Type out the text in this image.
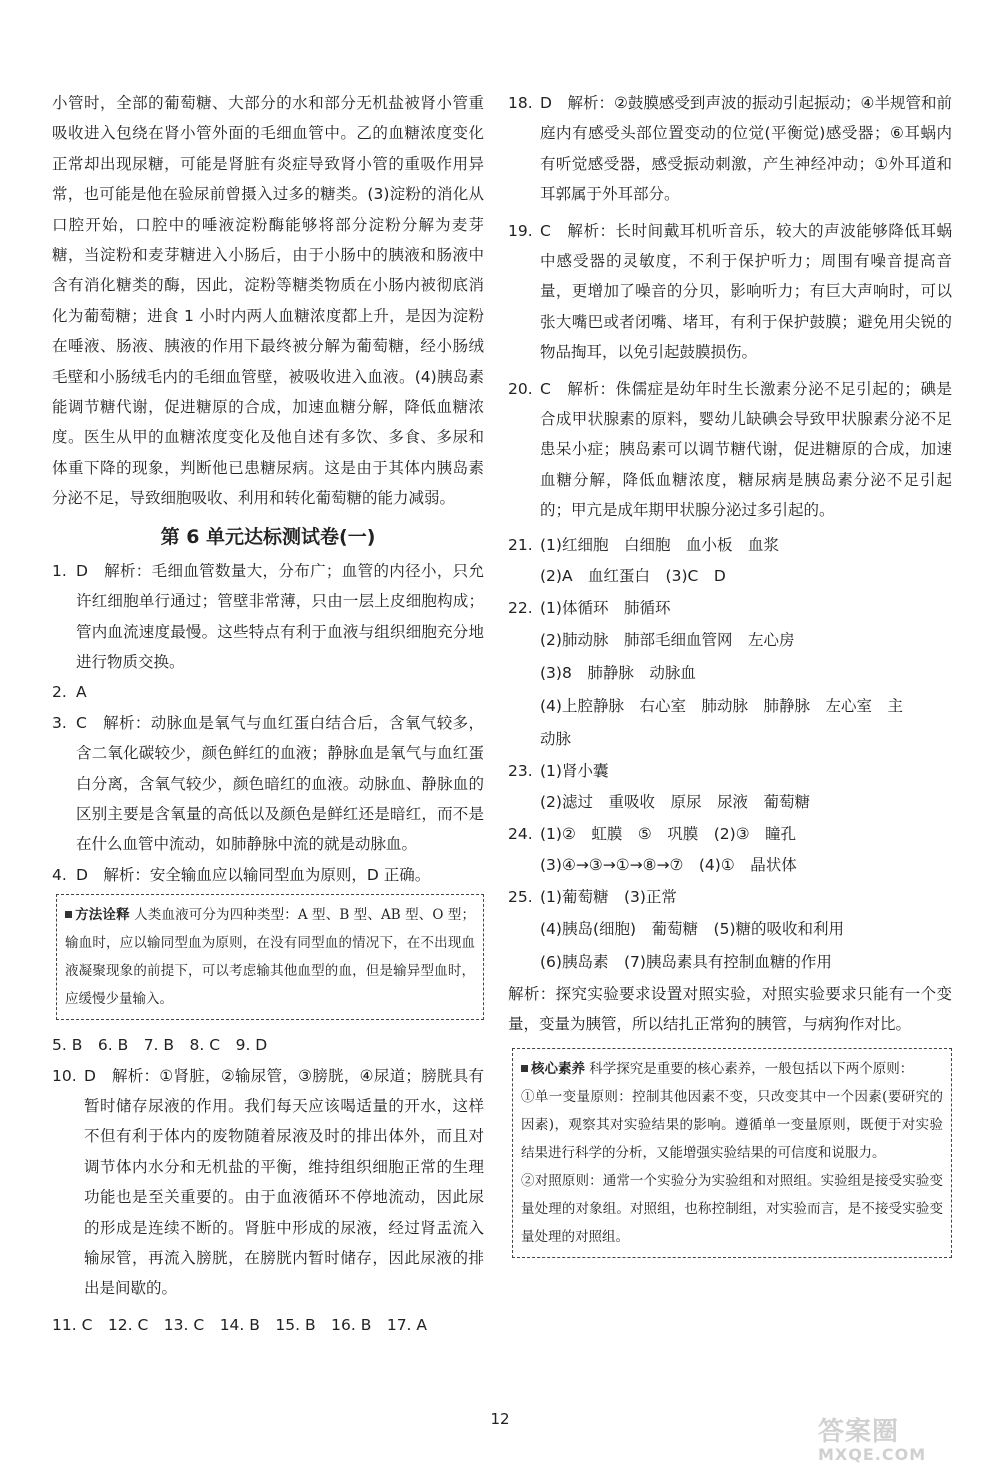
小管时，全部的葡萄糖、大部分的水和部分无机盐被肾小管重吸收进入包绕在肾小管外面的毛细血管中。乙的血糖浓度变化正常却出现尿糖，可能是肾脏有炎症导致肾小管的重吸作用异常，也可能是他在验尿前曾摄入过多的糖类。(3)淀粉的消化从口腔开始，口腔中的唾液淀粉酶能够将部分淀粉分解为麦芽糖，当淀粉和麦芽糖进入小肠后，由于小肠中的胰液和肠液中含有消化糖类的酶，因此，淀粉等糖类物质在小肠内被彻底消化为葡萄糖；进食 1 小时内两人血糖浓度都上升，是因为淀粉在唾液、肠液、胰液的作用下最终被分解为葡萄糖，经小肠绒毛壁和小肠绒毛内的毛细血管壁，被吸收进入血液。(4)胰岛素能调节糖代谢，促进糖原的合成，加速血糖分解，降低血糖浓度。医生从甲的血糖浓度变化及他自述有多饮、多食、多尿和体重下降的现象，判断他已患糖尿病。这是由于其体内胰岛素分泌不足，导致细胞吸收、利用和转化葡萄糖的能力减弱。

第 6 单元达标测试卷(一)
1. D　解析：毛细血管数量大，分布广；血管的内径小，只允许红细胞单行通过；管壁非常薄，只由一层上皮细胞构成；管内血流速度最慢。这些特点有利于血液与组织细胞充分地进行物质交换。
2. A
3. C　解析：动脉血是氧气与血红蛋白结合后，含氧气较多，含二氧化碳较少，颜色鲜红的血液；静脉血是氧气与血红蛋白分离，含氧气较少，颜色暗红的血液。动脉血、静脉血的区别主要是含氧量的高低以及颜色是鲜红还是暗红，而不是在什么血管中流动，如肺静脉中流的就是动脉血。
4. D　解析：安全输血应以输同型血为原则，D 正确。
方法诠释 人类血液可分为四种类型：A 型、B 型、AB 型、O 型；输血时，应以输同型血为原则，在没有同型血的情况下，在不出现血液凝聚现象的前提下，可以考虑输其他血型的血，但是输异型血时，应缓慢少量输入。

5. B　6. B　7. B　8. C　9. D

10. D　解析：①肾脏，②输尿管，③膀胱，④尿道；膀胱具有暂时储存尿液的作用。我们每天应该喝适量的开水，这样不但有利于体内的废物随着尿液及时的排出体外，而且对调节体内水分和无机盐的平衡，维持组织细胞正常的生理功能也是至关重要的。由于血液循环不停地流动，因此尿的形成是连续不断的。肾脏中形成的尿液，经过肾盂流入输尿管，再流入膀胱，在膀胱内暂时储存，因此尿液的排出是间歇的。

11. C　12. C　13. C　14. B　15. B　16. B　17. A

18. D　解析：②鼓膜感受到声波的振动引起振动；④半规管和前庭内有感受头部位置变动的位觉(平衡觉)感受器；⑥耳蜗内有听觉感受器，感受振动刺激，产生神经冲动；①外耳道和耳郭属于外耳部分。
19. C　解析：长时间戴耳机听音乐，较大的声波能够降低耳蜗中感受器的灵敏度，不利于保护听力；周围有噪音提高音量，更增加了噪音的分贝，影响听力；有巨大声响时，可以张大嘴巴或者闭嘴、堵耳，有利于保护鼓膜；避免用尖锐的物品掏耳，以免引起鼓膜损伤。
20. C　解析：侏儒症是幼年时生长激素分泌不足引起的；碘是合成甲状腺素的原料，婴幼儿缺碘会导致甲状腺素分泌不足患呆小症；胰岛素可以调节糖代谢，促进糖原的合成，加速血糖分解，降低血糖浓度，糖尿病是胰岛素分泌不足引起的；甲亢是成年期甲状腺分泌过多引起的。
21. (1)红细胞　白细胞　血小板　血浆

(2)A　血红蛋白　(3)C　D

22. (1)体循环　肺循环

(2)肺动脉　肺部毛细血管网　左心房

(3)8　肺静脉　动脉血

(4)上腔静脉　右心室　肺动脉　肺静脉　左心室　主

动脉

23. (1)肾小囊

(2)滤过　重吸收　原尿　尿液　葡萄糖

24. (1)②　虹膜　⑤　巩膜　(2)③　瞳孔

(3)④→③→①→⑧→⑦　(4)①　晶状体

25. (1)葡萄糖　(3)正常

(4)胰岛(细胞)　葡萄糖　(5)糖的吸收和利用

(6)胰岛素　(7)胰岛素具有控制血糖的作用

解析：探究实验要求设置对照实验，对照实验要求只能有一个变量，变量为胰管，所以结扎正常狗的胰管，与病狗作对比。

核心素养 科学探究是重要的核心素养，一般包括以下两个原则：
①单一变量原则：控制其他因素不变，只改变其中一个因素(要研究的因素)，观察其对实验结果的影响。遵循单一变量原则，既便于对实验结果进行科学的分析，又能增强实验结果的可信度和说服力。
②对照原则：通常一个实验分为实验组和对照组。实验组是接受实验变量处理的对象组。对照组，也称控制组，对实验而言，是不接受实验变量处理的对照组。
12	答案圈
MXQE.COM
